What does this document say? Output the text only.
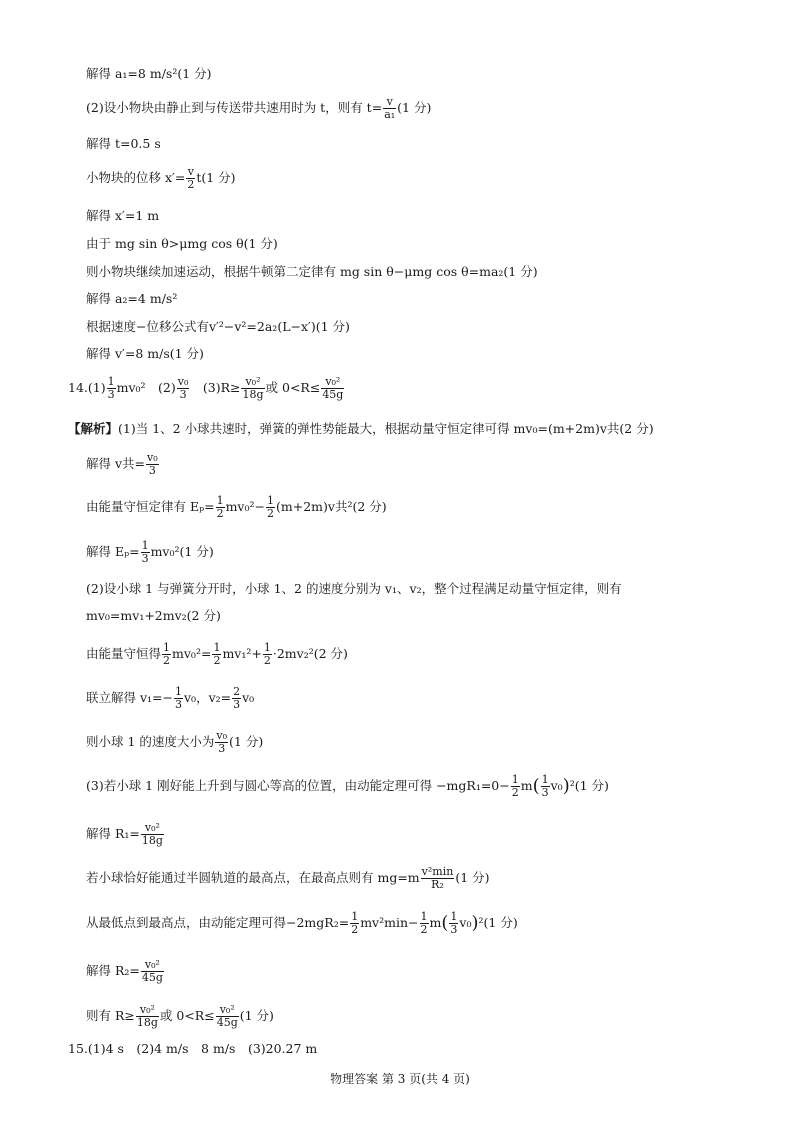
解得 a₁=8 m/s²(1 分)
(2)设小物块由静止到与传送带共速用时为 t，则有 $t= \frac{v}{\text{a₁}} (1$ 分)
解得 t=0.5 s
小物块的位移 $x'= \frac{v}{2} t(1$ 分)
解得 x′=1 m
由于 mg sin θ>μmg cos θ(1 分)
则小物块继续加速运动，根据牛顿第二定律有 mg sin θ−μmg cos θ=ma₂(1 分)
解得 a₂=4 m/s²
根据速度−位移公式有v′²−v²=2a₂(L−x′)(1 分)
解得 v′=8 m/s(1 分)
$14.(1) \frac{1}{3} mv_0^2$　$(2) \frac{\text{v₀}}{3}$ 　$(3)R\ge \frac{\text{v₀²}}{18g}$ 或 $0<R\le \frac{\text{v₀²}}{45g}$
【解析】(1)当 1、2 小球共速时，弹簧的弹性势能最大，根据动量守恒定律可得 mv₀=(m+2m)v共(2 分)
解得 v共= $\frac{\text{v₀}}{3}$
由能量守恒定律有 $E_p= \frac{1}{2} mv_0^2- \frac{1}{2} (m+2m)v$共²(2 分)
解得 $E_p= \frac{1}{3} mv_0^2(1$ 分)
(2)设小球 1 与弹簧分开时，小球 1、2 的速度分别为 v₁、v₂，整个过程满足动量守恒定律，则有
mv₀=mv₁+2mv₂(2 分)
由能量守恒得 $\frac{1}{2} mv_0^2= \frac{1}{2} mv_1^2+ \frac{1}{2} \cdot 2mv_2^2(2$ 分)
联立解得 $v_1=- \frac{1}{3} v_0$，$v_2= \frac{2}{3} v_0$
则小球 1 的速度大小为 $\frac{\text{v₀}}{3} (1$ 分)
(3)若小球 1 刚好能上升到与圆心等高的位置，由动能定理可得 $-mgR_1=0- \frac{1}{2} m( \frac{1}{3} v_0)^2(1$ 分)
解得 $R_1= \frac{\text{v₀²}}{18g}$
若小球恰好能通过半圆轨道的最高点，在最高点则有 $mg=m \frac{\text{v²min}}{\text{R₂}} (1$ 分)
从最低点到最高点，由动能定理可得$-2mgR_2= \frac{1}{2} mv^2\min- \frac{1}{2} m( \frac{1}{3} v_0)^2(1$ 分)
解得 $R_2= \frac{\text{v₀²}}{45g}$
则有 $R\ge \frac{\text{v₀²}}{18g}$ 或 $0<R\le \frac{\text{v₀²}}{45g} (1$ 分)
15.(1)4 s　(2)4 m/s　8 m/s　(3)20.27 m
物理答案 第 3 页(共 4 页)
